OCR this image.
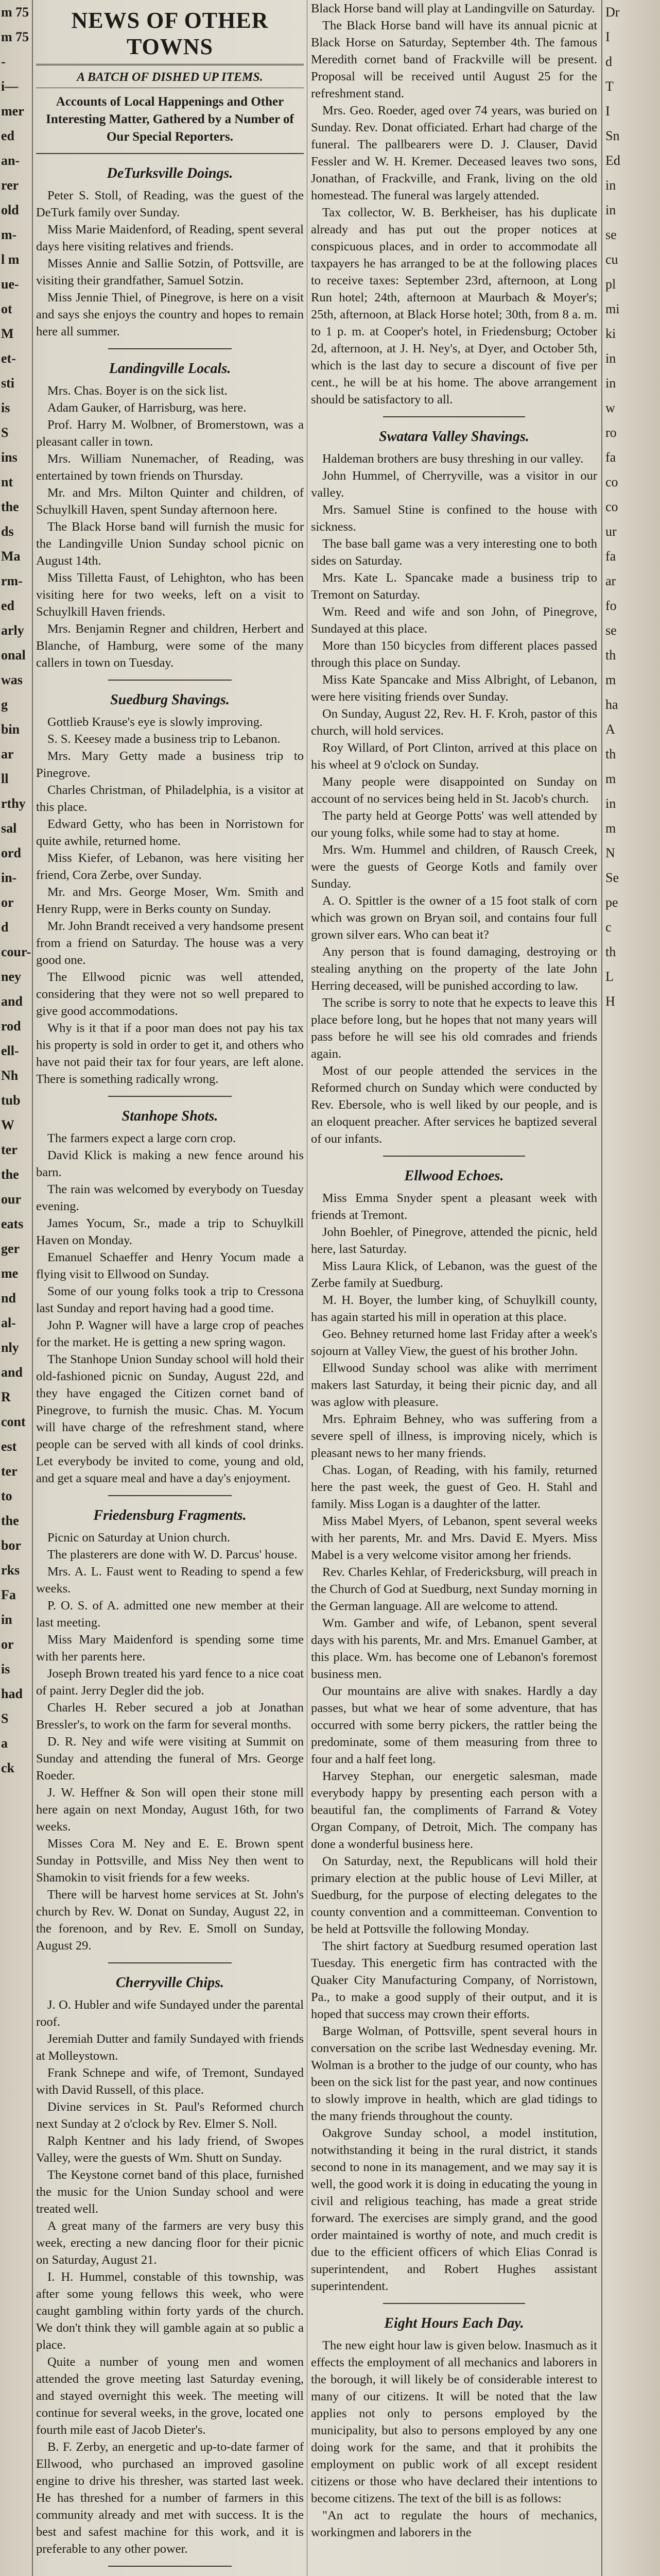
m 75
m 75
-
i—
mer
ed
an-
rer
old
m-
l m
ue-
ot
M
et-
sti
is
S
ins
nt
the
ds
Ma
rm-
ed
arly
onal
was
g
bin
ar
ll
rthy
sal
ord
in-
or
d
cour-
ney
and
rod
ell-
Nh
tub
W
ter
the
our
eats
ger
me
nd
al-
nly
and
R
cont
est
ter
to
the
bor
rks
Fa
in
or
is
had
S
a
ck
NEWS OF OTHER TOWNS
A BATCH OF DISHED UP ITEMS.
Accounts of Local Happenings and Other Interesting Matter, Gathered by a Number of Our Special Reporters.
DeTurksville Doings.

Peter S. Stoll, of Reading, was the guest of the DeTurk family over Sunday.

Miss Marie Maidenford, of Reading, spent several days here visiting relatives and friends.

Misses Annie and Sallie Sotzin, of Pottsville, are visiting their grandfather, Samuel Sotzin.

Miss Jennie Thiel, of Pinegrove, is here on a visit and says she enjoys the country and hopes to remain here all summer.

Landingville Locals.

Mrs. Chas. Boyer is on the sick list.

Adam Gauker, of Harrisburg, was here.

Prof. Harry M. Wolbner, of Bromerstown, was a pleasant caller in town.

Mrs. William Nunemacher, of Reading, was entertained by town friends on Thursday.

Mr. and Mrs. Milton Quinter and children, of Schuylkill Haven, spent Sunday afternoon here.

The Black Horse band will furnish the music for the Landingville Union Sunday school picnic on August 14th.

Miss Tilletta Faust, of Lehighton, who has been visiting here for two weeks, left on a visit to Schuylkill Haven friends.

Mrs. Benjamin Regner and children, Herbert and Blanche, of Hamburg, were some of the many callers in town on Tuesday.

Suedburg Shavings.

Gottlieb Krause's eye is slowly improving.

S. S. Keesey made a business trip to Lebanon.

Mrs. Mary Getty made a business trip to Pinegrove.

Charles Christman, of Philadelphia, is a visitor at this place.

Edward Getty, who has been in Norristown for quite awhile, returned home.

Miss Kiefer, of Lebanon, was here visiting her friend, Cora Zerbe, over Sunday.

Mr. and Mrs. George Moser, Wm. Smith and Henry Rupp, were in Berks county on Sunday.

Mr. John Brandt received a very handsome present from a friend on Saturday. The house was a very good one.

The Ellwood picnic was well attended, considering that they were not so well prepared to give good accommodations.

Why is it that if a poor man does not pay his tax his property is sold in order to get it, and others who have not paid their tax for four years, are left alone. There is something radically wrong.

Stanhope Shots.

The farmers expect a large corn crop.

David Klick is making a new fence around his barn.

The rain was welcomed by everybody on Tuesday evening.

James Yocum, Sr., made a trip to Schuylkill Haven on Monday.

Emanuel Schaeffer and Henry Yocum made a flying visit to Ellwood on Sunday.

Some of our young folks took a trip to Cressona last Sunday and report having had a good time.

John P. Wagner will have a large crop of peaches for the market. He is getting a new spring wagon.

The Stanhope Union Sunday school will hold their old-fashioned picnic on Sunday, August 22d, and they have engaged the Citizen cornet band of Pinegrove, to furnish the music. Chas. M. Yocum will have charge of the refreshment stand, where people can be served with all kinds of cool drinks. Let everybody be invited to come, young and old, and get a square meal and have a day's enjoyment.

Friedensburg Fragments.

Picnic on Saturday at Union church.

The plasterers are done with W. D. Parcus' house.

Mrs. A. L. Faust went to Reading to spend a few weeks.

P. O. S. of A. admitted one new member at their last meeting.

Miss Mary Maidenford is spending some time with her parents here.

Joseph Brown treated his yard fence to a nice coat of paint. Jerry Degler did the job.

Charles H. Reber secured a job at Jonathan Bressler's, to work on the farm for several months.

D. R. Ney and wife were visiting at Summit on Sunday and attending the funeral of Mrs. George Roeder.

J. W. Heffner & Son will open their stone mill here again on next Monday, August 16th, for two weeks.

Misses Cora M. Ney and E. E. Brown spent Sunday in Pottsville, and Miss Ney then went to Shamokin to visit friends for a few weeks.

There will be harvest home services at St. John's church by Rev. W. Donat on Sunday, August 22, in the forenoon, and by Rev. E. Smoll on Sunday, August 29.

Cherryville Chips.

J. O. Hubler and wife Sundayed under the parental roof.

Jeremiah Dutter and family Sundayed with friends at Molleystown.

Frank Schnepe and wife, of Tremont, Sundayed with David Russell, of this place.

Divine services in St. Paul's Reformed church next Sunday at 2 o'clock by Rev. Elmer S. Noll.

Ralph Kentner and his lady friend, of Swopes Valley, were the guests of Wm. Shutt on Sunday.

The Keystone cornet band of this place, furnished the music for the Union Sunday school and were treated well.

A great many of the farmers are very busy this week, erecting a new dancing floor for their picnic on Saturday, August 21.

I. H. Hummel, constable of this township, was after some young fellows this week, who were caught gambling within forty yards of the church. We don't think they will gamble again at so public a place.

Quite a number of young men and women attended the grove meeting last Saturday evening, and stayed overnight this week. The meeting will continue for several weeks, in the grove, located one fourth mile east of Jacob Dieter's.

B. F. Zerby, an energetic and up-to-date farmer of Ellwood, who purchased an improved gasoline engine to drive his thresher, was started last week. He has threshed for a number of farmers in this community already and met with success. It is the best and safest machine for this work, and it is preferable to any other power.

Black Horse band will play at Landingville on Saturday.

The Black Horse band will have its annual picnic at Black Horse on Saturday, September 4th. The famous Meredith cornet band of Frackville will be present. Proposal will be received until August 25 for the refreshment stand.

Mrs. Geo. Roeder, aged over 74 years, was buried on Sunday. Rev. Donat officiated. Erhart had charge of the funeral. The pallbearers were D. J. Clauser, David Fessler and W. H. Kremer. Deceased leaves two sons, Jonathan, of Frackville, and Frank, living on the old homestead. The funeral was largely attended.

Tax collector, W. B. Berkheiser, has his duplicate already and has put out the proper notices at conspicuous places, and in order to accommodate all taxpayers he has arranged to be at the following places to receive taxes: September 23rd, afternoon, at Long Run hotel; 24th, afternoon at Maurbach & Moyer's; 25th, afternoon, at Black Horse hotel; 30th, from 8 a. m. to 1 p. m. at Cooper's hotel, in Friedensburg; October 2d, afternoon, at J. H. Ney's, at Dyer, and October 5th, which is the last day to secure a discount of five per cent., he will be at his home. The above arrangement should be satisfactory to all.

Swatara Valley Shavings.

Haldeman brothers are busy threshing in our valley.

John Hummel, of Cherryville, was a visitor in our valley.

Mrs. Samuel Stine is confined to the house with sickness.

The base ball game was a very interesting one to both sides on Saturday.

Mrs. Kate L. Spancake made a business trip to Tremont on Saturday.

Wm. Reed and wife and son John, of Pinegrove, Sundayed at this place.

More than 150 bicycles from different places passed through this place on Sunday.

Miss Kate Spancake and Miss Albright, of Lebanon, were here visiting friends over Sunday.

On Sunday, August 22, Rev. H. F. Kroh, pastor of this church, will hold services.

Roy Willard, of Port Clinton, arrived at this place on his wheel at 9 o'clock on Sunday.

Many people were disappointed on Sunday on account of no services being held in St. Jacob's church.

The party held at George Potts' was well attended by our young folks, while some had to stay at home.

Mrs. Wm. Hummel and children, of Rausch Creek, were the guests of George Kotls and family over Sunday.

A. O. Spittler is the owner of a 15 foot stalk of corn which was grown on Bryan soil, and contains four full grown silver ears. Who can beat it?

Any person that is found damaging, destroying or stealing anything on the property of the late John Herring deceased, will be punished according to law.

The scribe is sorry to note that he expects to leave this place before long, but he hopes that not many years will pass before he will see his old comrades and friends again.

Most of our people attended the services in the Reformed church on Sunday which were conducted by Rev. Ebersole, who is well liked by our people, and is an eloquent preacher. After services he baptized several of our infants.

Ellwood Echoes.

Miss Emma Snyder spent a pleasant week with friends at Tremont.

John Boehler, of Pinegrove, attended the picnic, held here, last Saturday.

Miss Laura Klick, of Lebanon, was the guest of the Zerbe family at Suedburg.

M. H. Boyer, the lumber king, of Schuylkill county, has again started his mill in operation at this place.

Geo. Behney returned home last Friday after a week's sojourn at Valley View, the guest of his brother John.

Ellwood Sunday school was alike with merriment makers last Saturday, it being their picnic day, and all was aglow with pleasure.

Mrs. Ephraim Behney, who was suffering from a severe spell of illness, is improving nicely, which is pleasant news to her many friends.

Chas. Logan, of Reading, with his family, returned here the past week, the guest of Geo. H. Stahl and family. Miss Logan is a daughter of the latter.

Miss Mabel Myers, of Lebanon, spent several weeks with her parents, Mr. and Mrs. David E. Myers. Miss Mabel is a very welcome visitor among her friends.

Rev. Charles Kehlar, of Fredericksburg, will preach in the Church of God at Suedburg, next Sunday morning in the German language. All are welcome to attend.

Wm. Gamber and wife, of Lebanon, spent several days with his parents, Mr. and Mrs. Emanuel Gamber, at this place. Wm. has become one of Lebanon's foremost business men.

Our mountains are alive with snakes. Hardly a day passes, but what we hear of some adventure, that has occurred with some berry pickers, the rattler being the predominate, some of them measuring from three to four and a half feet long.

Harvey Stephan, our energetic salesman, made everybody happy by presenting each person with a beautiful fan, the compliments of Farrand & Votey Organ Company, of Detroit, Mich. The company has done a wonderful business here.

On Saturday, next, the Republicans will hold their primary election at the public house of Levi Miller, at Suedburg, for the purpose of electing delegates to the county convention and a committeeman. Convention to be held at Pottsville the following Monday.

The shirt factory at Suedburg resumed operation last Tuesday. This energetic firm has contracted with the Quaker City Manufacturing Company, of Norristown, Pa., to make a good supply of their output, and it is hoped that success may crown their efforts.

Barge Wolman, of Pottsville, spent several hours in conversation on the scribe last Wednesday evening. Mr. Wolman is a brother to the judge of our county, who has been on the sick list for the past year, and now continues to slowly improve in health, which are glad tidings to the many friends throughout the county.

Oakgrove Sunday school, a model institution, notwithstanding it being in the rural district, it stands second to none in its management, and we may say it is well, the good work it is doing in educating the young in civil and religious teaching, has made a great stride forward. The exercises are simply grand, and the good order maintained is worthy of note, and much credit is due to the efficient officers of which Elias Conrad is superintendent, and Robert Hughes assistant superintendent.

Eight Hours Each Day.

The new eight hour law is given below. Inasmuch as it effects the employment of all mechanics and laborers in the borough, it will likely be of considerable interest to many of our citizens. It will be noted that the law applies not only to persons employed by the municipality, but also to persons employed by any one doing work for the same, and that it prohibits the employment on public work of all except resident citizens or those who have declared their intentions to become citizens. The text of the bill is as follows:

"An act to regulate the hours of mechanics, workingmen and laborers in the

Dr
I
d
T
I
Sn
Ed
in
in
se
cu
pl
mi
ki
in
in
w
ro
fa
co
co
ur
fa
ar
fo
se
th
m
ha
A
th
m
in
m
N
Se
pe
c
th
L
H
